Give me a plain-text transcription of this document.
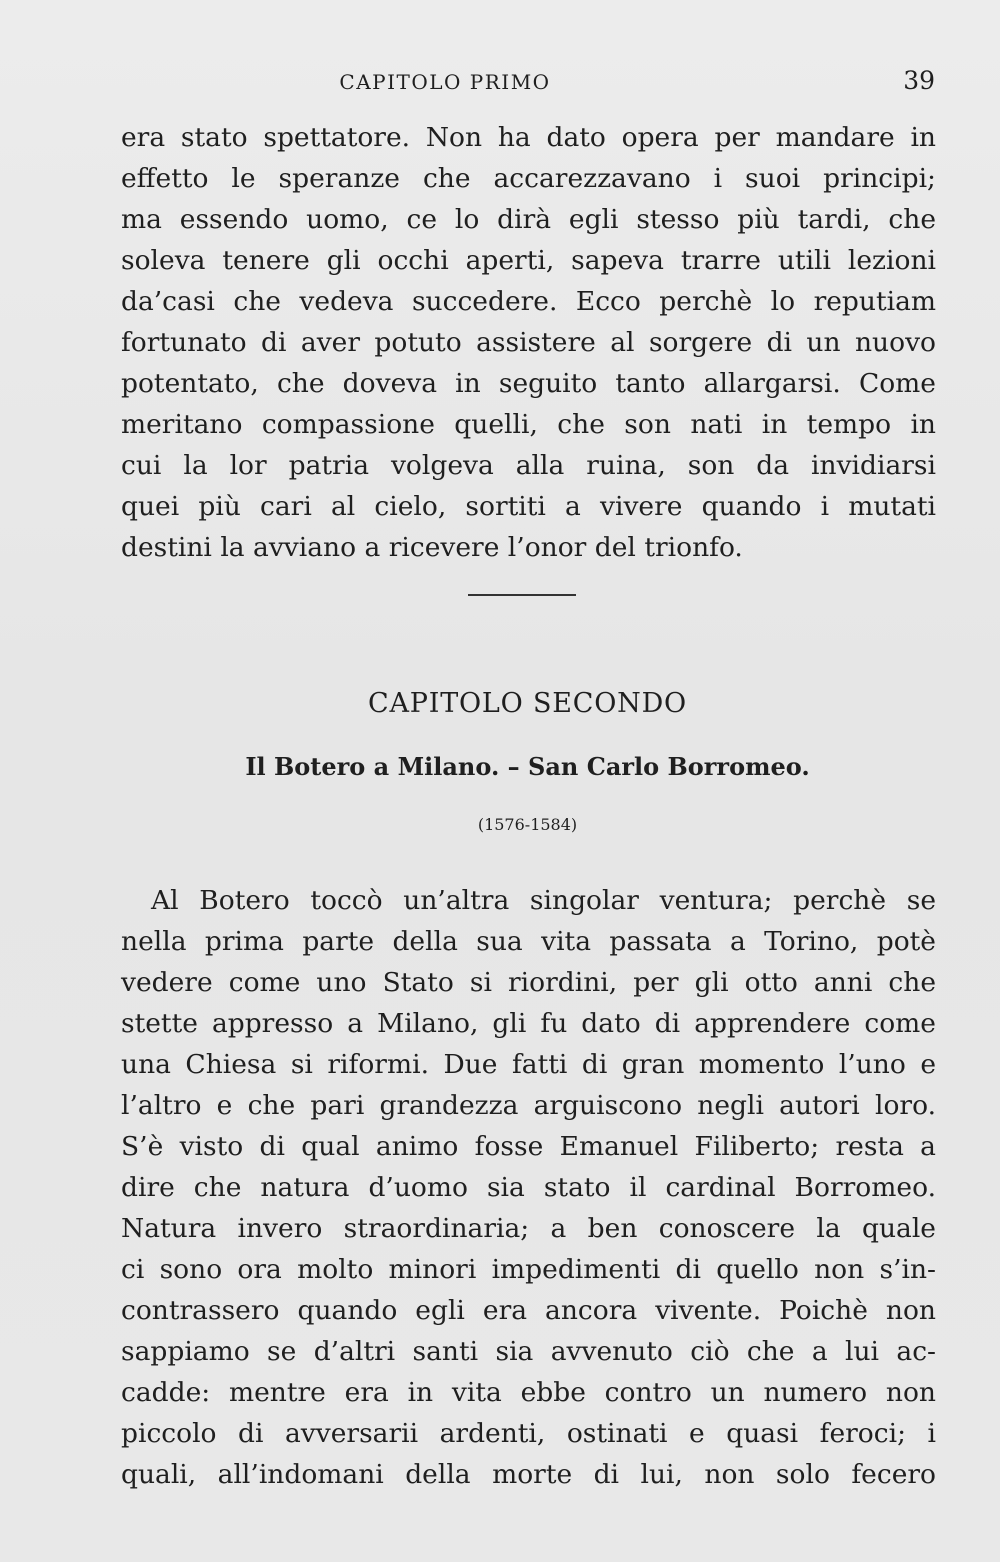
CAPITOLO PRIMO	39

era stato spettatore. Non ha dato opera per mandare in
effetto le speranze che accarezzavano i suoi principi;
ma essendo uomo, ce lo dirà egli stesso più tardi, che
soleva tenere gli occhi aperti, sapeva trarre utili lezioni
da’casi che vedeva succedere. Ecco perchè lo reputiam
fortunato di aver potuto assistere al sorgere di un nuovo
potentato, che doveva in seguito tanto allargarsi. Come
meritano compassione quelli, che son nati in tempo in
cui la lor patria volgeva alla ruina, son da invidiarsi
quei più cari al cielo, sortiti a vivere quando i mutati
destini la avviano a ricevere l’onor del trionfo.

CAPITOLO SECONDO
Il Botero a Milano. – San Carlo Borromeo.
(1576-1584)

Al Botero toccò un’altra singolar ventura; perchè se
nella prima parte della sua vita passata a Torino, potè
vedere come uno Stato si riordini, per gli otto anni che
stette appresso a Milano, gli fu dato di apprendere come
una Chiesa si riformi. Due fatti di gran momento l’uno e
l’altro e che pari grandezza arguiscono negli autori loro.
S’è visto di qual animo fosse Emanuel Filiberto; resta a
dire che natura d’uomo sia stato il cardinal Borromeo.
Natura invero straordinaria; a ben conoscere la quale
ci sono ora molto minori impedimenti di quello non s’in-
contrassero quando egli era ancora vivente. Poichè non
sappiamo se d’altri santi sia avvenuto ciò che a lui ac-
cadde: mentre era in vita ebbe contro un numero non
piccolo di avversarii ardenti, ostinati e quasi feroci; i
quali, all’indomani della morte di lui, non solo fecero
